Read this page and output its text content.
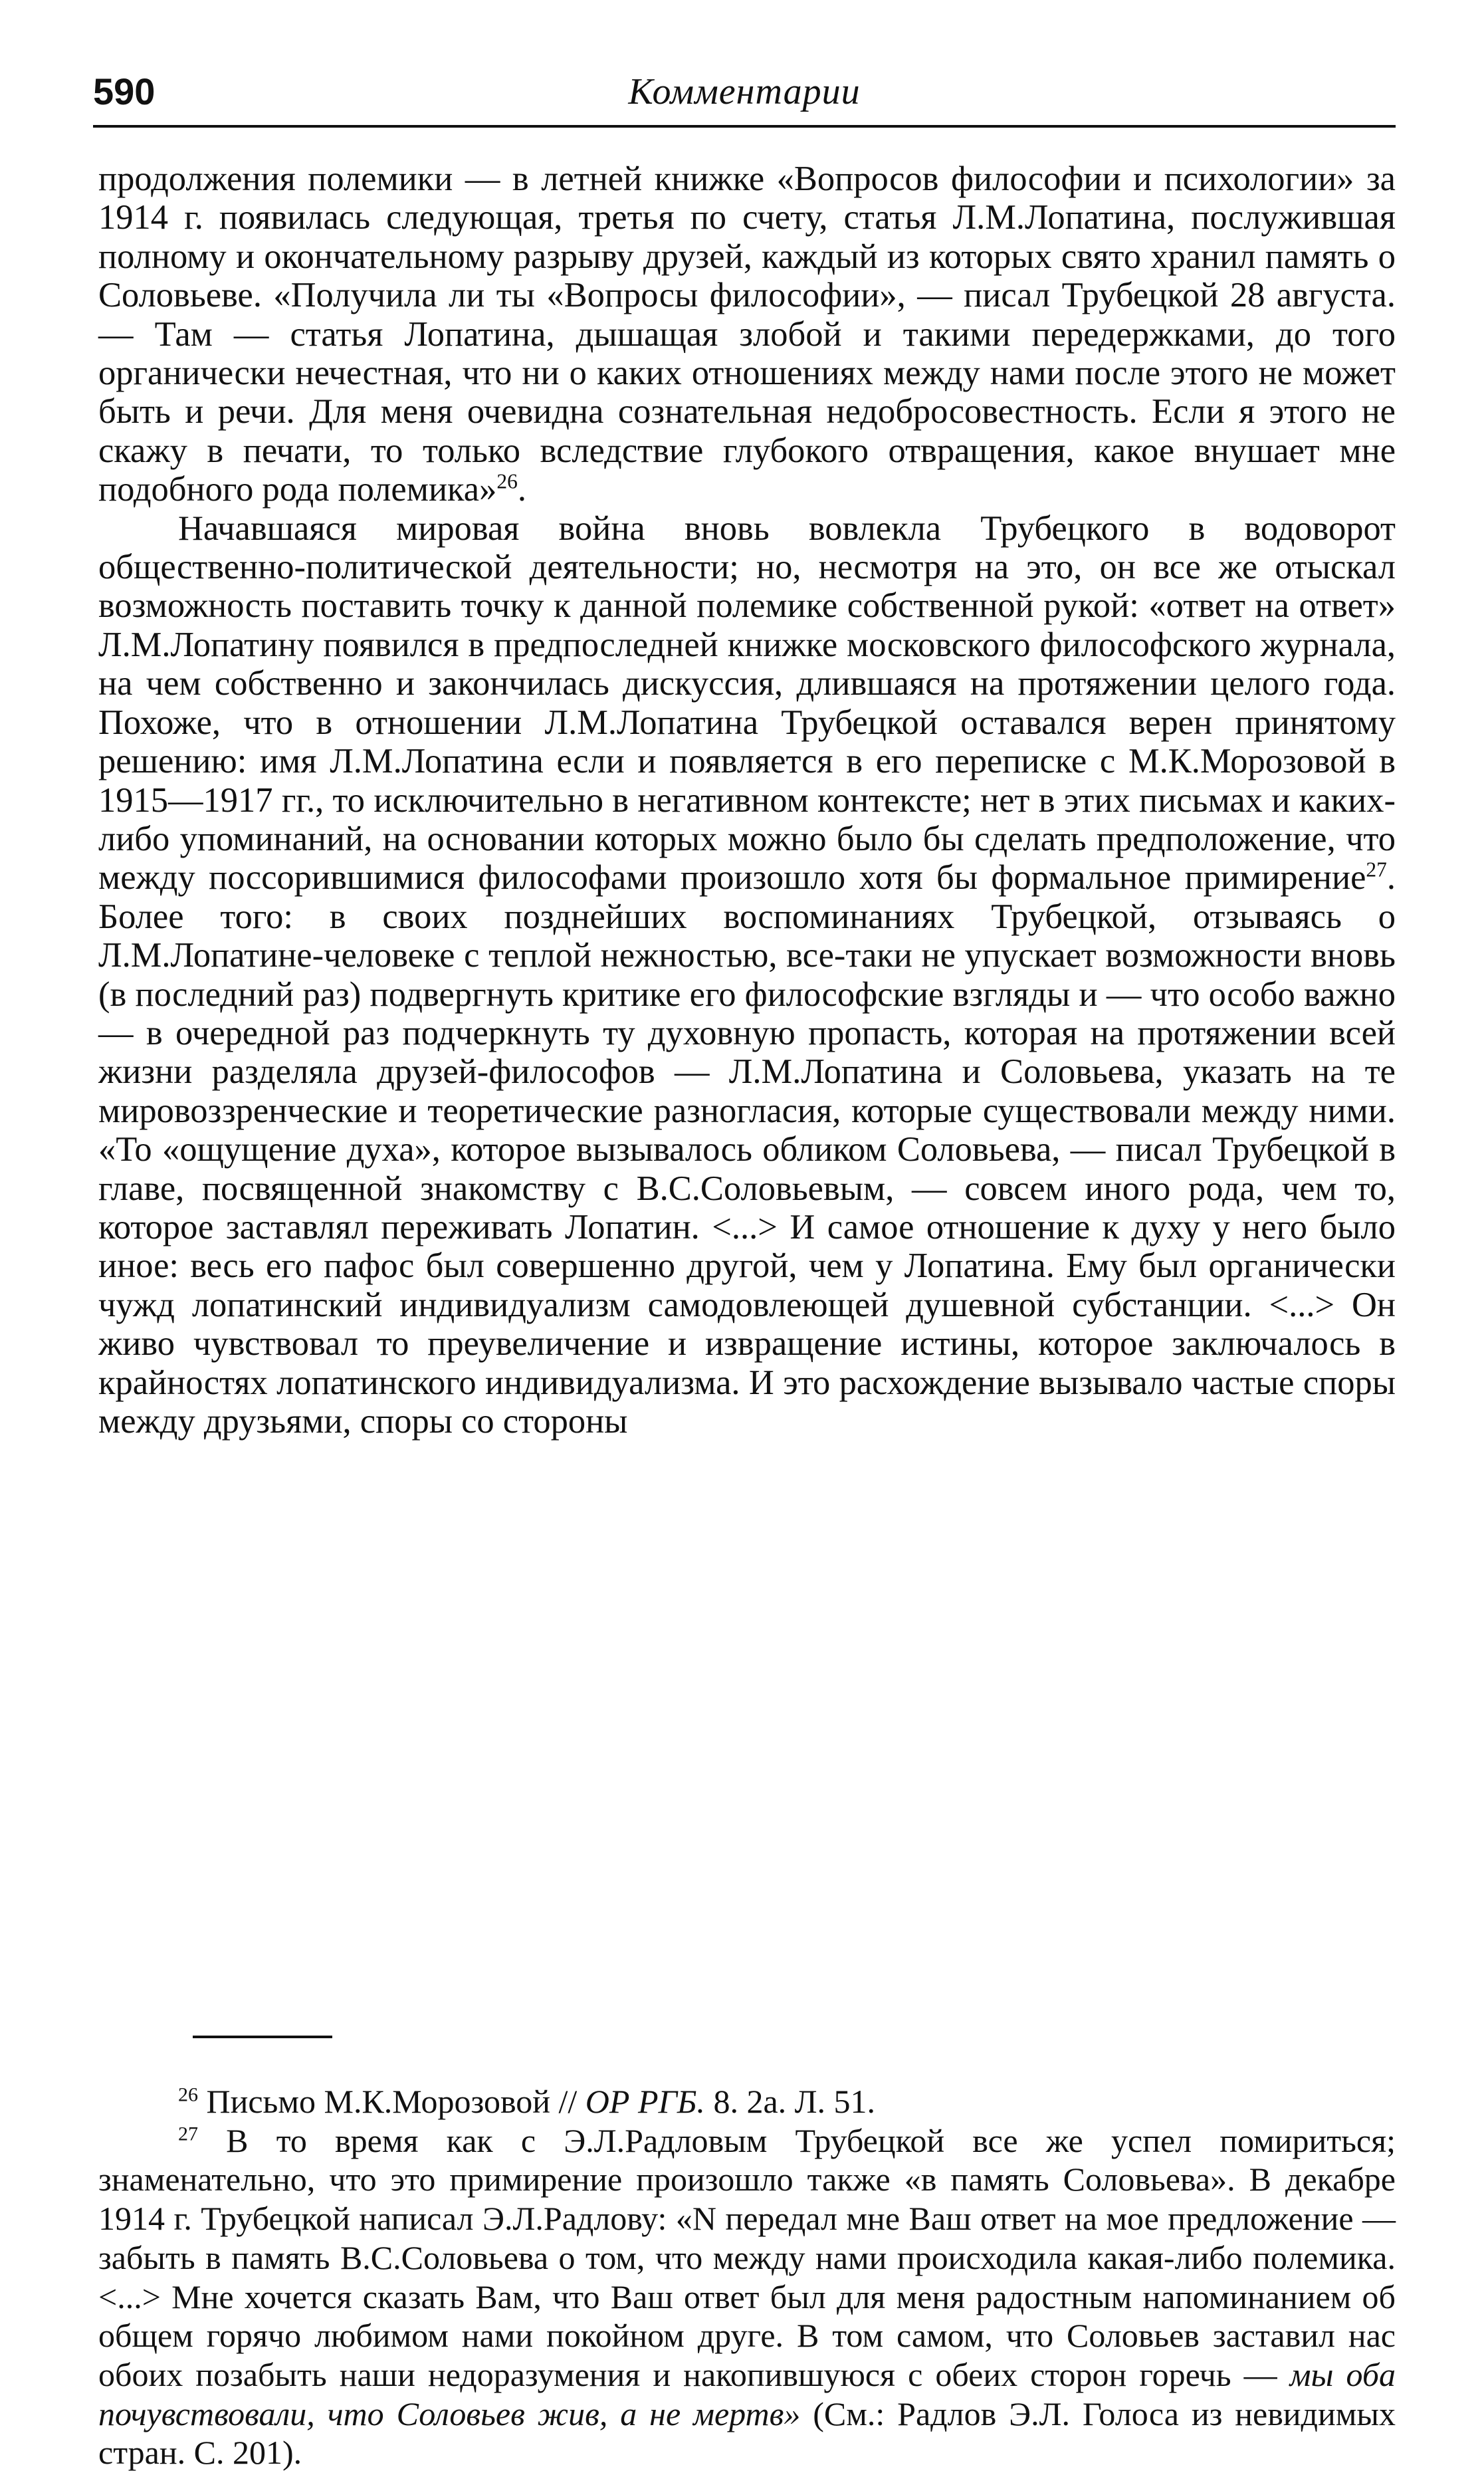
590	Комментарии

продолжения полемики — в летней книжке «Вопросов философии и психологии» за 1914 г. появилась следующая, третья по счету, статья Л.М.Лопатина, послужившая полному и окончательному разрыву друзей, каждый из которых свято хранил память о Соловьеве. «Получила ли ты «Вопросы философии», — писал Трубецкой 28 августа. — Там — статья Лопатина, дышащая злобой и такими передержками, до того органически нечестная, что ни о каких отношениях между нами после этого не может быть и речи. Для меня очевидна сознательная недобросовестность. Если я этого не скажу в печати, то только вследствие глубокого отвращения, какое внушает мне подобного рода полемика»$^{26}$.

Начавшаяся мировая война вновь вовлекла Трубецкого в водоворот общественно-политической деятельности; но, несмотря на это, он все же отыскал возможность поставить точку к данной полемике собственной рукой: «ответ на ответ» Л.М.Лопатину появился в предпоследней книжке московского философского журнала, на чем собственно и закончилась дискуссия, длившаяся на протяжении целого года. Похоже, что в отношении Л.М.Лопатина Трубецкой оставался верен принятому решению: имя Л.М.Лопатина если и появляется в его переписке с М.К.Морозовой в 1915—1917 гг., то исключительно в негативном контексте; нет в этих письмах и каких-либо упоминаний, на основании которых можно было бы сделать предположение, что между поссорившимися философами произошло хотя бы формальное примирение$^{27}$. Более того: в своих позднейших воспоминаниях Трубецкой, отзываясь о Л.М.Лопатине-человеке с теплой нежностью, все-таки не упускает возможности вновь (в последний раз) подвергнуть критике его философские взгляды и — что особо важно — в очередной раз подчеркнуть ту духовную пропасть, которая на протяжении всей жизни разделяла друзей-философов — Л.М.Лопатина и Соловьева, указать на те мировоззренческие и теоретические разногласия, которые существовали между ними. «То «ощущение духа», которое вызывалось обликом Соловьева, — писал Трубецкой в главе, посвященной знакомству с В.С.Соловьевым, — совсем иного рода, чем то, которое заставлял переживать Лопатин. <...> И самое отношение к духу у него было иное: весь его пафос был совершенно другой, чем у Лопатина. Ему был органически чужд лопатинский индивидуализм самодовлеющей душевной субстанции. <...> Он живо чувствовал то преувеличение и извращение истины, которое заключалось в крайностях лопатинского индивидуализма. И это расхождение вызывало частые споры между друзьями, споры со стороны

$^{26}$ Письмо М.К.Морозовой // ОР РГБ. 8. 2а. Л. 51.

$^{27}$ В то время как с Э.Л.Радловым Трубецкой все же успел помириться; знаменательно, что это примирение произошло также «в память Соловьева». В декабре 1914 г. Трубецкой написал Э.Л.Радлову: «N передал мне Ваш ответ на мое предложение — забыть в память В.С.Соловьева о том, что между нами происходила какая-либо полемика. <...> Мне хочется сказать Вам, что Ваш ответ был для меня радостным напоминанием об общем горячо любимом нами покойном друге. В том самом, что Соловьев заставил нас обоих позабыть наши недоразумения и накопившуюся с обеих сторон горечь — мы оба почувствовали, что Соловьев жив, а не мертв» (См.: Радлов Э.Л. Голоса из невидимых стран. С. 201).
